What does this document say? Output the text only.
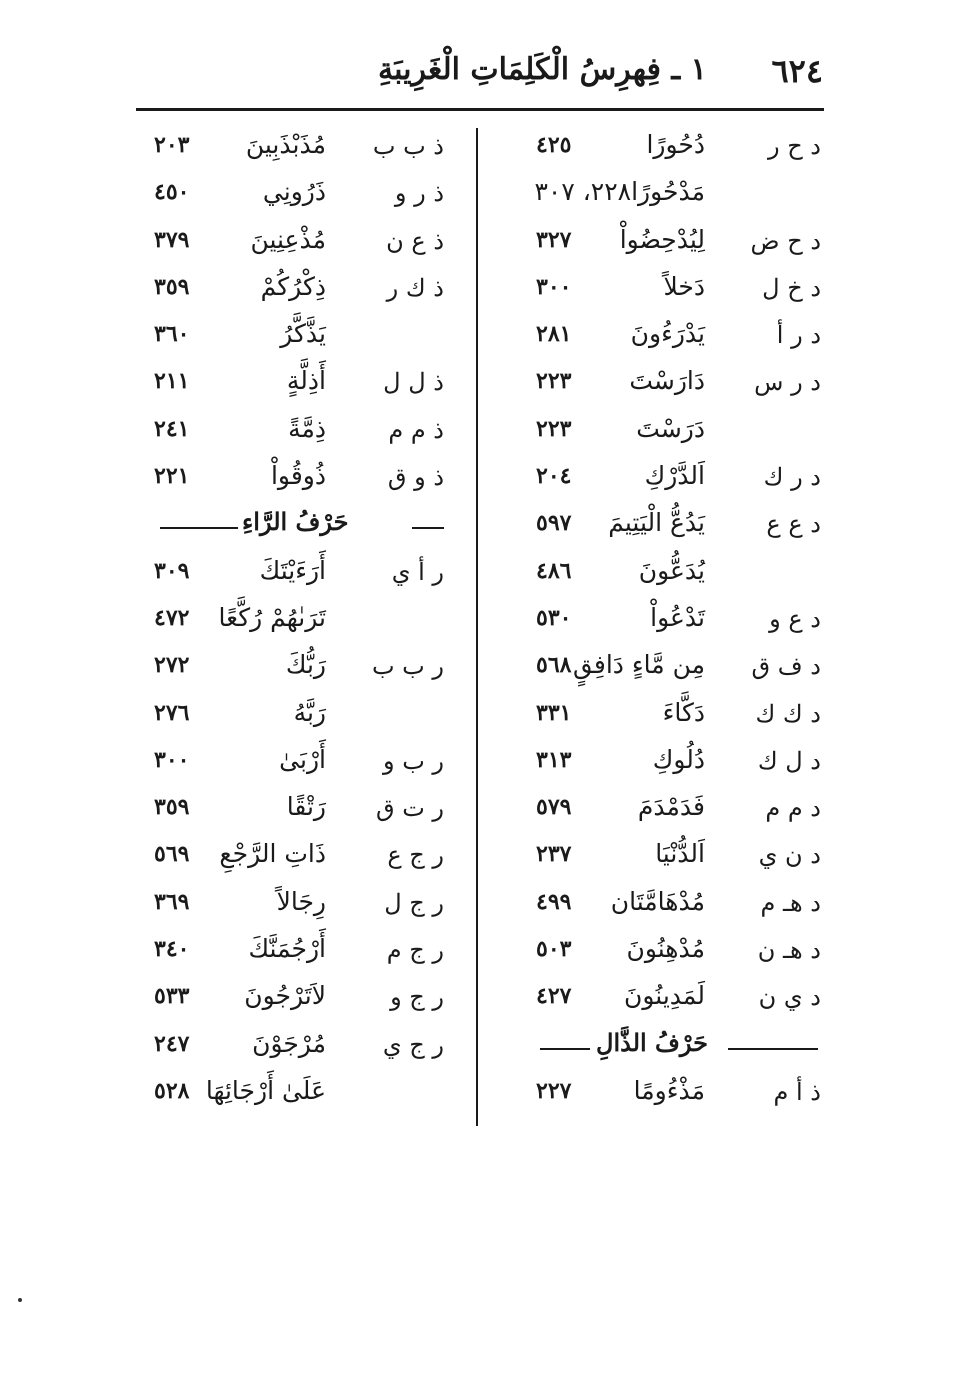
٦٢٤
١ ـ فِهرِسُ الْكَلِمَاتِ الْغَرِيبَةِ
د ح ر
دُحُورًا
٤٢٥
مَدْحُورًا٢٢٨، ٣٠٧
د ح ض
لِيُدْحِضُواْ
٣٢٧
د خ ل
دَخلاً
٣٠٠
د ر أ
يَدْرَءُونَ
٢٨١
د ر س
دَارَسْتَ
٢٢٣
دَرَسْتَ
٢٢٣
د ر ك
اَلدَّرْكِ
٢٠٤
د ع ع
يَدُعُّ الْيَتِيمَ
٥٩٧
يُدَعُّونَ
٤٨٦
د ع و
تَدْعُواْ
٥٣٠
د ف ق
مِن مَّاءٍ دَافِقٍ
٥٦٨
د ك ك
دَكَّاءَ
٣٣١
د ل ك
دُلُوكِ
٣١٣
د م م
فَدَمْدَمَ
٥٧٩
د ن ي
اَلدُّنْيَا
٢٣٧
د هـ م
مُدْهَامَّتَان
٤٩٩
د هـ ن
مُدْهِنُونَ
٥٠٣
د ي ن
لَمَدِينُونَ
٤٢٧
حَرْفُ الذَّالِ
ذ أ م
مَذْءُومًا
٢٢٧
ذ ب ب
مُذَبْذَبِينَ
٢٠٣
ذ ر و
ذَرُونِي
٤٥٠
ذ ع ن
مُذْعِنِينَ
٣٧٩
ذ ك ر
ذِكْرُكُمْ
٣٥٩
يَذَّكَّرُ
٣٦٠
ذ ل ل
أَذِلَّةٍ
٢١١
ذ م م
ذِمَّةً
٢٤١
ذ و ق
ذُوقُواْ
٢٢١
حَرْفُ الرَّاءِ
ر أ ي
أَرَءَيْتَكَ
٣٠٩
تَرَىٰهُمْ رُكَّعًا
٤٧٢
ر ب ب
رَبُّكَ
٢٧٢
رَبَّهُ
٢٧٦
ر ب و
أَرْبَىٰ
٣٠٠
ر ت ق
رَتْقًا
٣٥٩
ر ج ع
ذَاتِ الرَّجْعِ
٥٦٩
ر ج ل
رِجَالاً
٣٦٩
ر ج م
أَرْجُمَنَّكَ
٣٤٠
ر ج و
لاَتَرْجُونَ
٥٣٣
ر ج ي
مُرْجَوْنَ
٢٤٧
عَلَىٰ أَرْجَائِهَا
٥٢٨
